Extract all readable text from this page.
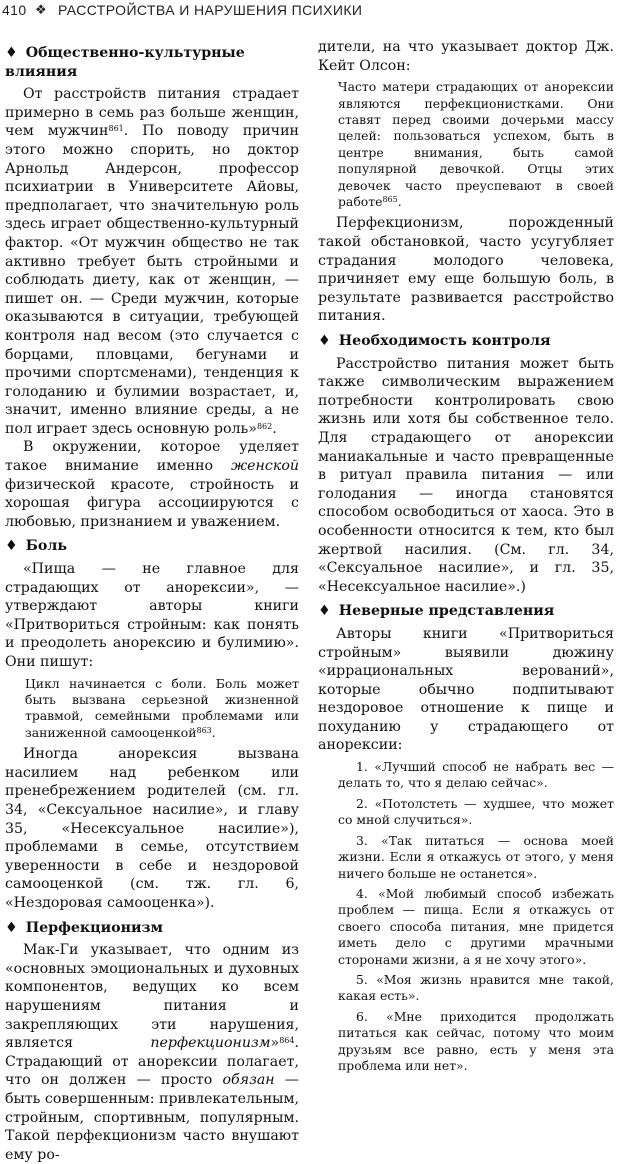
410 ❖ РАССТРОЙСТВА И НАРУШЕНИЯ ПСИХИКИ
♦ Общественно-культурные влияния

От расстройств питания страдает примерно в семь раз больше женщин, чем мужчин$^{861}$. По поводу причин этого можно спорить, но доктор Арнольд Андерсон, профессор психиатрии в Университете Айовы, предполагает, что значительную роль здесь играет общественно-культурный фактор. «От мужчин общество не так активно требует быть стройными и соблюдать диету, как от женщин, — пишет он. — Среди мужчин, которые оказываются в ситуации, требующей контроля над весом (это случается с борцами, пловцами, бегунами и прочими спортсменами), тенденция к голоданию и булимии возрастает, и, значит, именно влияние среды, а не пол играет здесь основную роль»$^{862}$.

В окружении, которое уделяет такое внимание именно женской физической красоте, стройность и хорошая фигура ассоциируются с любовью, признанием и уважением.

♦ Боль

«Пища — не главное для страдающих от анорексии», — утверждают авторы книги «Притвориться стройным: как понять и преодолеть анорексию и булимию». Они пишут:

Цикл начинается с боли. Боль может быть вызвана серьезной жизненной травмой, семейными проблемами или заниженной самооценкой$^{863}$.

Иногда анорексия вызвана насилием над ребенком или пренебрежением родителей (см. гл. 34, «Сексуальное насилие», и главу 35, «Несексуальное насилие»), проблемами в семье, отсутствием уверенности в себе и нездоровой самооценкой (см. тж. гл. 6, «Нездоровая самооценка»).

♦ Перфекционизм

Мак-Ги указывает, что одним из «основных эмоциональных и духовных компонентов, ведущих ко всем нарушениям питания и закрепляющих эти нарушения, является перфекционизм»$^{864}$. Страдающий от анорексии полагает, что он должен — просто обязан — быть совершенным: привлекательным, стройным, спортивным, популярным. Такой перфекционизм часто внушают ему ро-

дители, на что указывает доктор Дж. Кейт Олсон:

Часто матери страдающих от анорексии являются перфекционистками. Они ставят перед своими дочерьми массу целей: пользоваться успехом, быть в центре внимания, быть самой популярной девочкой. Отцы этих девочек часто преуспевают в своей работе$^{865}$.

Перфекционизм, порожденный такой обстановкой, часто усугубляет страдания молодого человека, причиняет ему еще большую боль, в результате развивается расстройство питания.

♦ Необходимость контроля

Расстройство питания может быть также символическим выражением потребности контролировать свою жизнь или хотя бы собственное тело. Для страдающего от анорексии маниакальные и часто превращенные в ритуал правила питания — или голодания — иногда становятся способом освободиться от хаоса. Это в особенности относится к тем, кто был жертвой насилия. (См. гл. 34, «Сексуальное насилие», и гл. 35, «Несексуальное насилие».)

♦ Неверные представления

Авторы книги «Притвориться стройным» выявили дюжину «иррациональных верований», которые обычно подпитывают нездоровое отношение к пище и похуданию у страдающего от анорексии:

1. «Лучший способ не набрать вес — делать то, что я делаю сейчас».
2. «Потолстеть — худшее, что может со мной случиться».
3. «Так питаться — основа моей жизни. Если я откажусь от этого, у меня ничего больше не останется».
4. «Мой любимый способ избежать проблем — пища. Если я откажусь от своего способа питания, мне придется иметь дело с другими мрачными сторонами жизни, а я не хочу этого».
5. «Моя жизнь нравится мне такой, какая есть».
6. «Мне приходится продолжать питаться как сейчас, потому что моим друзьям все равно, есть у меня эта проблема или нет».
